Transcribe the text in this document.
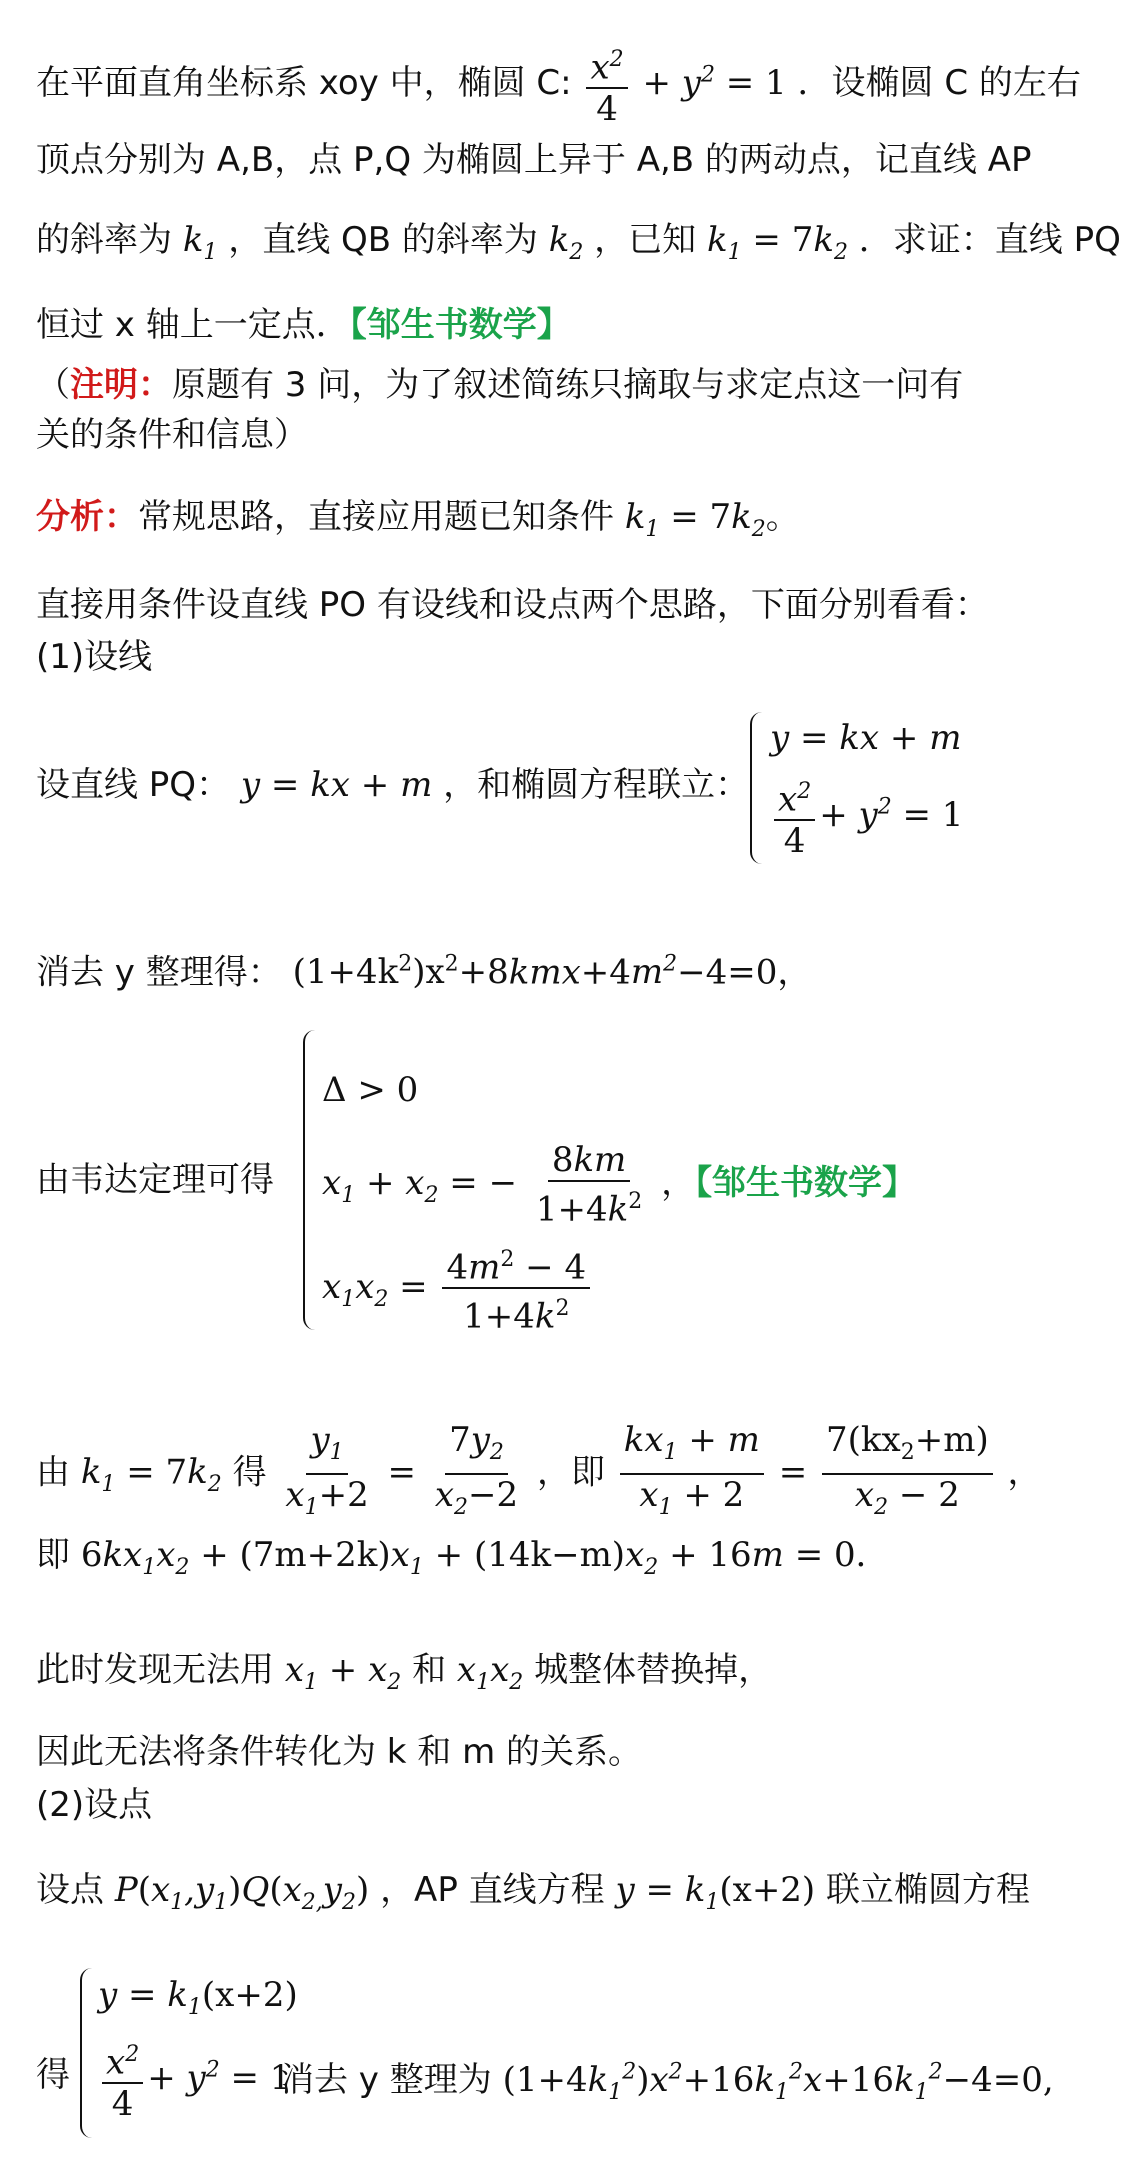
在平面直角坐标系 xoy 中，椭圆 C: $\frac{x^2}{4} + y^2 = 1$ ．设椭圆 C 的左右
顶点分别为 A,B，点 P,Q 为椭圆上异于 A,B 的两动点，记直线 AP
的斜率为 $k_1$ ，直线 QB 的斜率为 $k_2$ ，已知 $k_1 = 7k_2$ ．求证：直线 PQ
恒过 x 轴上一定点．【邹生书数学】
（注明：原题有 3 问，为了叙述简练只摘取与求定点这一问有
关的条件和信息）
分析：常规思路，直接应用题已知条件 $k_1 = 7k_2$。
直接用条件设直线 PO 有设线和设点两个思路，下面分别看看：
(1)设线
设直线 PQ： y = kx + m ，和椭圆方程联立：
y = kx + m
$\frac{x^2}{4} + y^2 = 1$
消去 y 整理得： $(1+4k^2)x^2+8kmx+4m^2-4=0$，
由韦达定理可得
Δ > 0
$x_1 + x_2$ = − $\frac{8km}{1+4k^2}$ ，【邹生书数学】
$x_1x_2 = \frac{4m^2 - 4}{1+4k^2}$
由 $k_1 = 7k_2$ 得 $\frac{y_1}{x_1+2} = \frac{7y_2}{x_2-2}$ ，即 $\frac{kx_1 + m}{x_1 + 2} = \frac{7(kx_2+m)}{x_2 - 2}$ ，
即 $6kx_1x_2 + (7m+2k)x_1 + (14k-m)x_2 + 16m = 0$．
此时发现无法用 $x_1 + x_2$ 和 $x_1x_2$ 城整体替换掉，
因此无法将条件转化为 k 和 m 的关系。
(2)设点
设点 $P(x_1,y_1)Q(x_{2,}y_2)$ ，AP 直线方程 $y = k_1(x+2)$ 联立椭圆方程
得
$y = k_1(x+2)$
$\frac{x^2}{4} + y^2 = 1$
消去 y 整理为 $(1+4k_1^2)x^2+16k_1^2x+16k_1^2-4=0$,
